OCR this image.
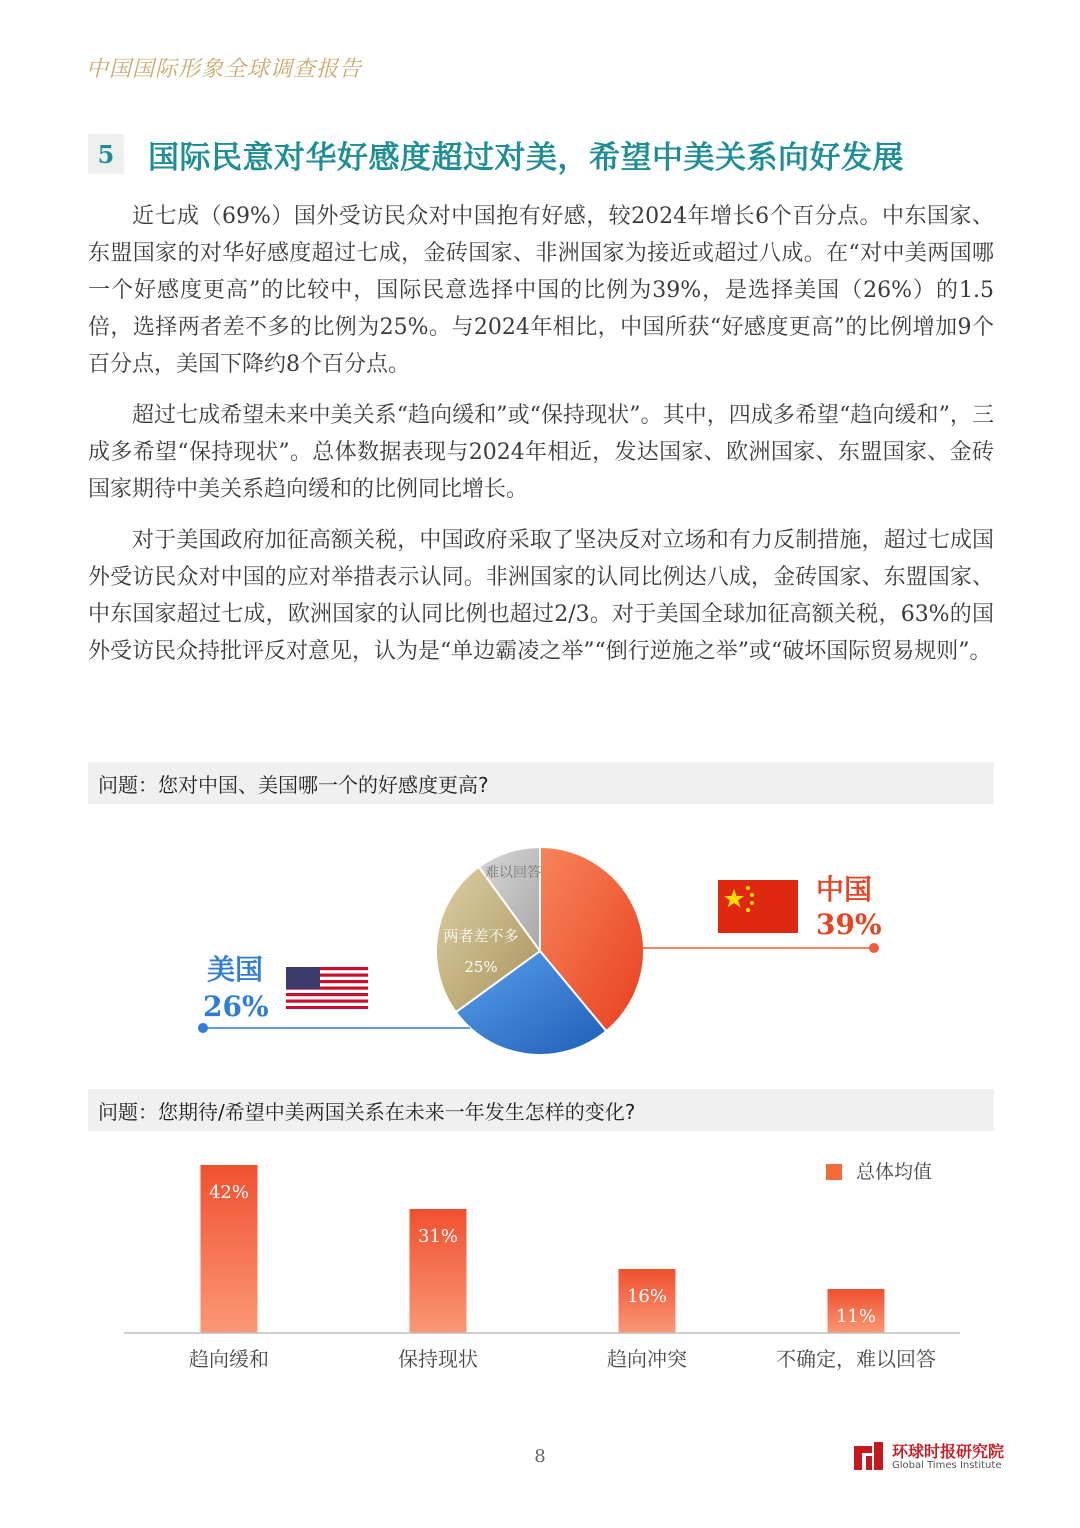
中国国际形象全球调查报告
5	国际民意对华好感度超过对美，希望中美关系向好发展

近七成（69%）国外受访民众对中国抱有好感，较2024年增长6个百分点。中东国家、东盟国家的对华好感度超过七成，金砖国家、非洲国家为接近或超过八成。在“对中美两国哪一个好感度更高”的比较中，国际民意选择中国的比例为39%，是选择美国（26%）的1.5倍，选择两者差不多的比例为25%。与2024年相比，中国所获“好感度更高”的比例增加9个百分点，美国下降约8个百分点。

超过七成希望未来中美关系“趋向缓和”或“保持现状”。其中，四成多希望“趋向缓和”，三成多希望“保持现状”。总体数据表现与2024年相近，发达国家、欧洲国家、东盟国家、金砖国家期待中美关系趋向缓和的比例同比增长。

对于美国政府加征高额关税，中国政府采取了坚决反对立场和有力反制措施，超过七成国外受访民众对中国的应对举措表示认同。非洲国家的认同比例达八成，金砖国家、东盟国家、中东国家超过七成，欧洲国家的认同比例也超过2/3。对于美国全球加征高额关税，63%的国外受访民众持批评反对意见，认为是“单边霸凌之举”“倒行逆施之举”或“破坏国际贸易规则”。

问题：您对中国、美国哪一个的好感度更高?
两者差不多
25%
难以回答	中国
39%
美国
26%
问题：您期待/希望中美两国关系在未来一年发生怎样的变化?
总体均值
42%
31%
16%
11%
趋向缓和	保持现状	趋向冲突	不确定，难以回答
8	环球时报研究院
Global Times Institute
